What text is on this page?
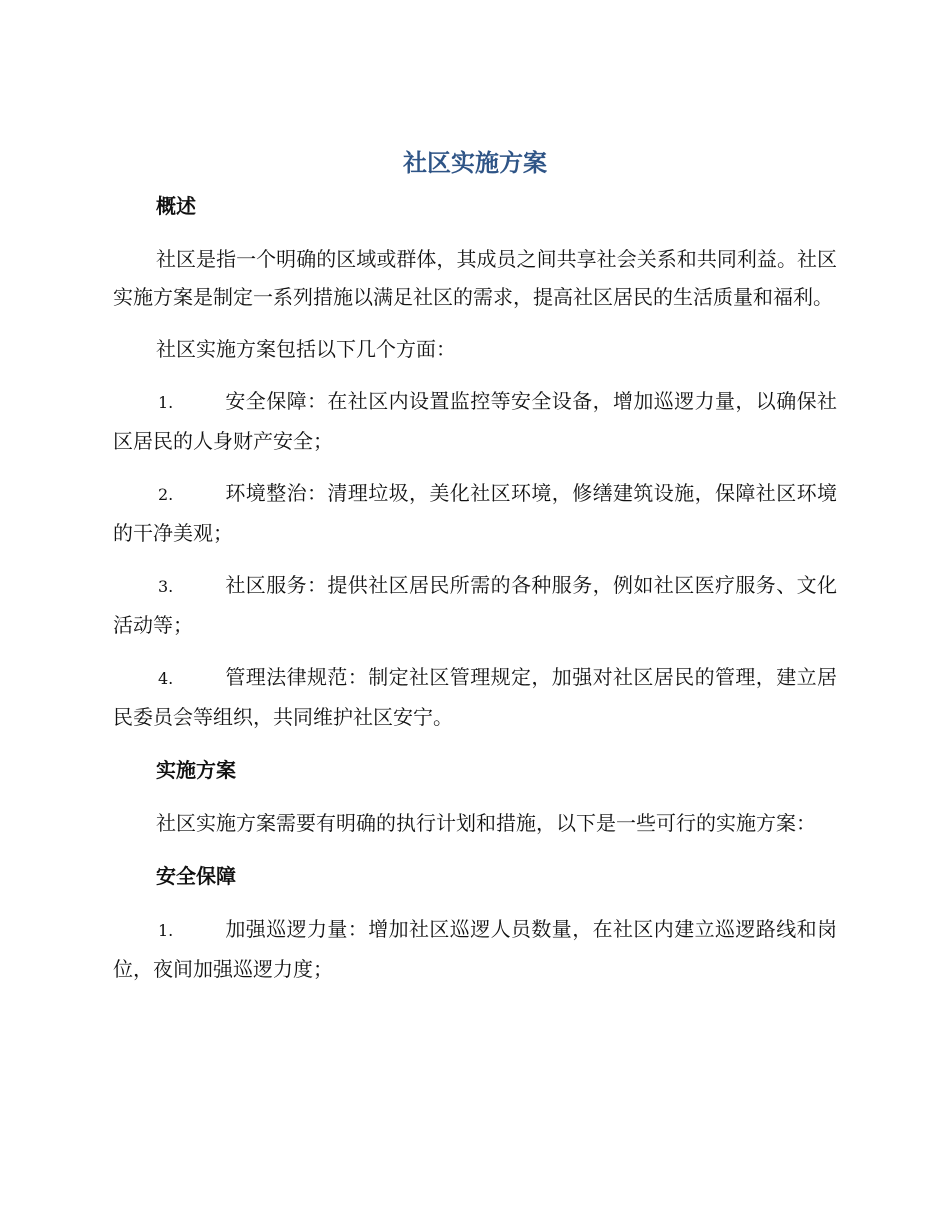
社区实施方案
概述

社区是指一个明确的区域或群体，其成员之间共享社会关系和共同利益。社区实施方案是制定一系列措施以满足社区的需求，提高社区居民的生活质量和福利。

社区实施方案包括以下几个方面：

1.	安全保障：在社区内设置监控等安全设备，增加巡逻力量，以确保社区居民的人身财产安全；
2.	环境整治：清理垃圾，美化社区环境，修缮建筑设施，保障社区环境的干净美观；
3.	社区服务：提供社区居民所需的各种服务，例如社区医疗服务、文化活动等；
4.	管理法律规范：制定社区管理规定，加强对社区居民的管理，建立居民委员会等组织，共同维护社区安宁。
实施方案

社区实施方案需要有明确的执行计划和措施，以下是一些可行的实施方案：

安全保障
1.	加强巡逻力量：增加社区巡逻人员数量，在社区内建立巡逻路线和岗位，夜间加强巡逻力度；
